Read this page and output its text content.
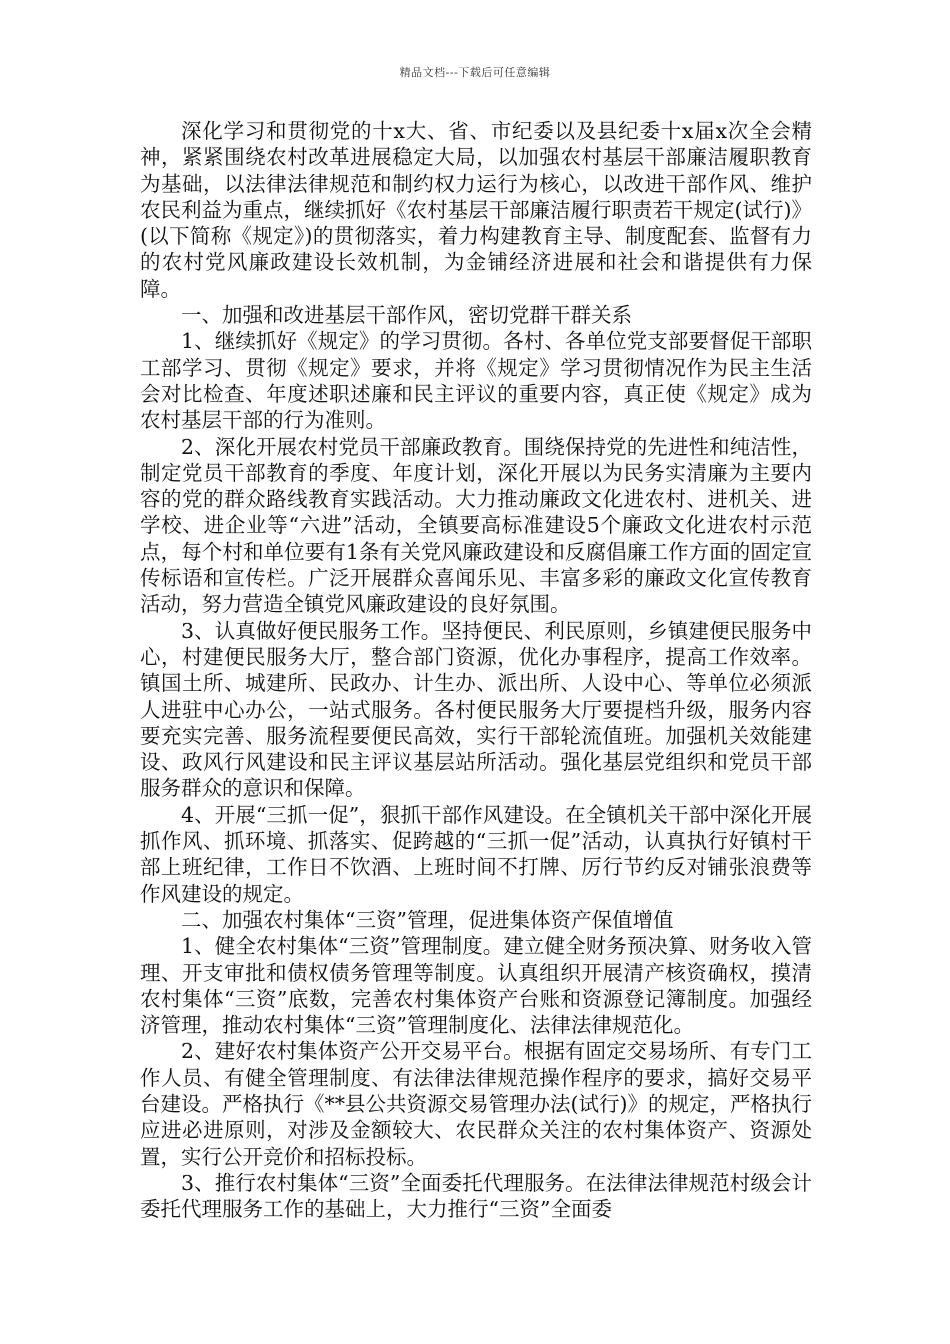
精品文档---下载后可任意编辑

深化学习和贯彻党的十x大、省、市纪委以及县纪委十x届x次全会精神，紧紧围绕农村改革进展稳定大局，以加强农村基层干部廉洁履职教育为基础，以法律法律规范和制约权力运行为核心，以改进干部作风、维护农民利益为重点，继续抓好《农村基层干部廉洁履行职责若干规定(试行)》(以下简称《规定》)的贯彻落实，着力构建教育主导、制度配套、监督有力的农村党风廉政建设长效机制，为金铺经济进展和社会和谐提供有力保障。

一、加强和改进基层干部作风，密切党群干群关系

1、继续抓好《规定》的学习贯彻。各村、各单位党支部要督促干部职工部学习、贯彻《规定》要求，并将《规定》学习贯彻情况作为民主生活会对比检查、年度述职述廉和民主评议的重要内容，真正使《规定》成为农村基层干部的行为准则。

2、深化开展农村党员干部廉政教育。围绕保持党的先进性和纯洁性，制定党员干部教育的季度、年度计划，深化开展以为民务实清廉为主要内容的党的群众路线教育实践活动。大力推动廉政文化进农村、进机关、进学校、进企业等“六进”活动，全镇要高标准建设5个廉政文化进农村示范点，每个村和单位要有1条有关党风廉政建设和反腐倡廉工作方面的固定宣传标语和宣传栏。广泛开展群众喜闻乐见、丰富多彩的廉政文化宣传教育活动，努力营造全镇党风廉政建设的良好氛围。

3、认真做好便民服务工作。坚持便民、利民原则，乡镇建便民服务中心，村建便民服务大厅，整合部门资源，优化办事程序，提高工作效率。镇国土所、城建所、民政办、计生办、派出所、人设中心、等单位必须派人进驻中心办公，一站式服务。各村便民服务大厅要提档升级，服务内容要充实完善、服务流程要便民高效，实行干部轮流值班。加强机关效能建设、政风行风建设和民主评议基层站所活动。强化基层党组织和党员干部服务群众的意识和保障。

4、开展“三抓一促”，狠抓干部作风建设。在全镇机关干部中深化开展抓作风、抓环境、抓落实、促跨越的“三抓一促”活动，认真执行好镇村干部上班纪律，工作日不饮酒、上班时间不打牌、厉行节约反对铺张浪费等作风建设的规定。

二、加强农村集体“三资”管理，促进集体资产保值增值

1、健全农村集体“三资”管理制度。建立健全财务预决算、财务收入管理、开支审批和债权债务管理等制度。认真组织开展清产核资确权，摸清农村集体“三资”底数，完善农村集体资产台账和资源登记簿制度。加强经济管理，推动农村集体“三资”管理制度化、法律法律规范化。

2、建好农村集体资产公开交易平台。根据有固定交易场所、有专门工作人员、有健全管理制度、有法律法律规范操作程序的要求，搞好交易平台建设。严格执行《**县公共资源交易管理办法(试行)》的规定，严格执行应进必进原则，对涉及金额较大、农民群众关注的农村集体资产、资源处置，实行公开竞价和招标投标。

3、推行农村集体“三资”全面委托代理服务。在法律法律规范村级会计委托代理服务工作的基础上，大力推行“三资”全面委
